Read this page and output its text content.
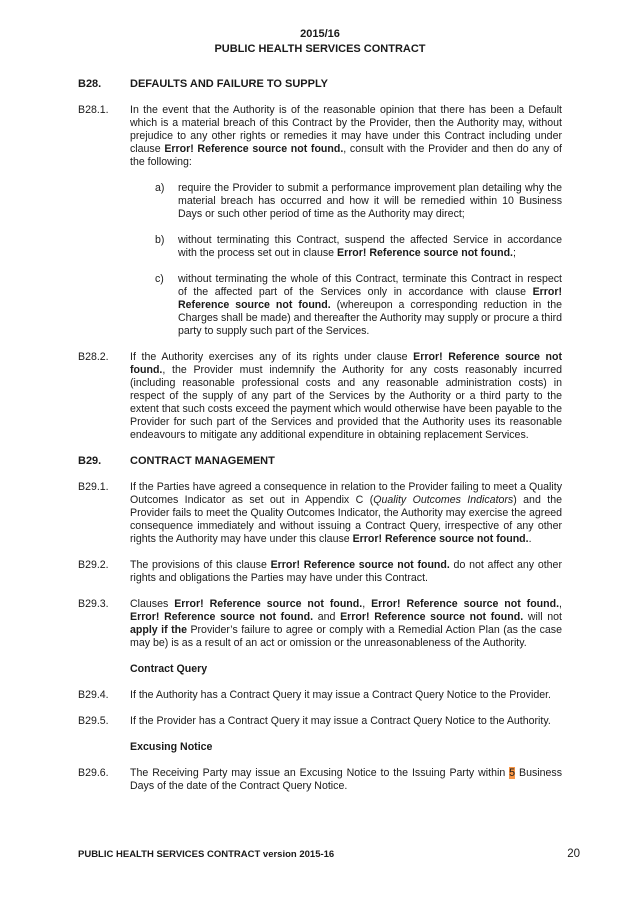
2015/16
PUBLIC HEALTH SERVICES CONTRACT
B28.	DEFAULTS AND FAILURE TO SUPPLY
B28.1.	In the event that the Authority is of the reasonable opinion that there has been a Default which is a material breach of this Contract by the Provider, then the Authority may, without prejudice to any other rights or remedies it may have under this Contract including under clause Error! Reference source not found., consult with the Provider and then do any of the following:
a)	require the Provider to submit a performance improvement plan detailing why the material breach has occurred and how it will be remedied within 10 Business Days or such other period of time as the Authority may direct;
b)	without terminating this Contract, suspend the affected Service in accordance with the process set out in clause Error! Reference source not found.;
c)	without terminating the whole of this Contract, terminate this Contract in respect of the affected part of the Services only in accordance with clause Error! Reference source not found. (whereupon a corresponding reduction in the Charges shall be made) and thereafter the Authority may supply or procure a third party to supply such part of the Services.
B28.2.	If the Authority exercises any of its rights under clause Error! Reference source not found., the Provider must indemnify the Authority for any costs reasonably incurred (including reasonable professional costs and any reasonable administration costs) in respect of the supply of any part of the Services by the Authority or a third party to the extent that such costs exceed the payment which would otherwise have been payable to the Provider for such part of the Services and provided that the Authority uses its reasonable endeavours to mitigate any additional expenditure in obtaining replacement Services.
B29.	CONTRACT MANAGEMENT
B29.1.	If the Parties have agreed a consequence in relation to the Provider failing to meet a Quality Outcomes Indicator as set out in Appendix C (Quality Outcomes Indicators) and the Provider fails to meet the Quality Outcomes Indicator, the Authority may exercise the agreed consequence immediately and without issuing a Contract Query, irrespective of any other rights the Authority may have under this clause Error! Reference source not found..
B29.2.	The provisions of this clause Error! Reference source not found. do not affect any other rights and obligations the Parties may have under this Contract.
B29.3.	Clauses Error! Reference source not found., Error! Reference source not found., Error! Reference source not found. and Error! Reference source not found. will not apply if the Provider’s failure to agree or comply with a Remedial Action Plan (as the case may be) is as a result of an act or omission or the unreasonableness of the Authority.
Contract Query
B29.4.	If the Authority has a Contract Query it may issue a Contract Query Notice to the Provider.
B29.5.	If the Provider has a Contract Query it may issue a Contract Query Notice to the Authority.
Excusing Notice
B29.6.	The Receiving Party may issue an Excusing Notice to the Issuing Party within 5 Business Days of the date of the Contract Query Notice.
PUBLIC HEALTH SERVICES CONTRACT version 2015-16	20
